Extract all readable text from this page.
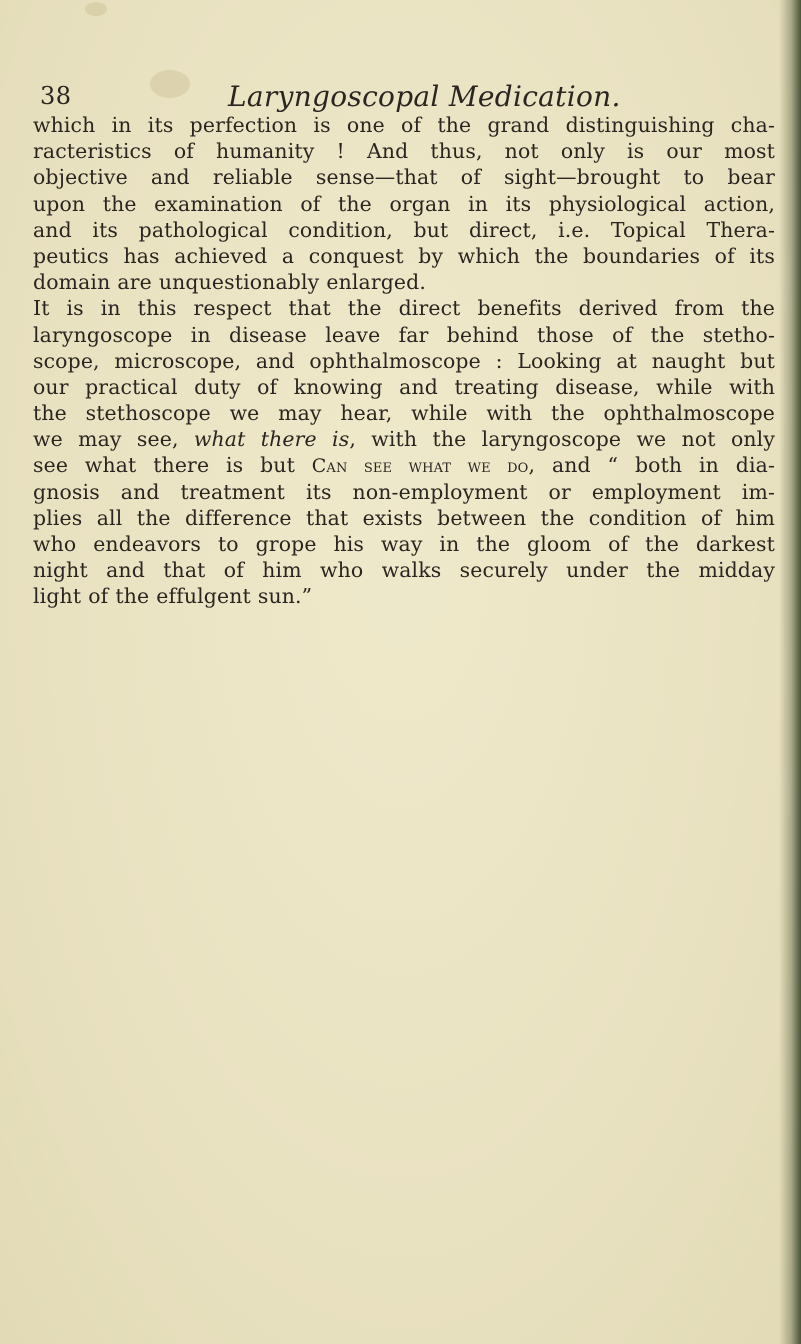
38	Laryngoscopal Medication.
which in its perfection is one of the grand distinguishing cha-
racteristics of humanity ! And thus, not only is our most
objective and reliable sense—that of sight—brought to bear
upon the examination of the organ in its physiological action,
and its pathological condition, but direct, i.e. Topical Thera-
peutics has achieved a conquest by which the boundaries of its
domain are unquestionably enlarged.
It is in this respect that the direct benefits derived from the
laryngoscope in disease leave far behind those of the stetho-
scope, microscope, and ophthalmoscope : Looking at naught but
our practical duty of knowing and treating disease, while with
the stethoscope we may hear, while with the ophthalmoscope
we may see, what there is, with the laryngoscope we not only
see what there is but Can see what we do, and “ both in dia-
gnosis and treatment its non-employment or employment im-
plies all the difference that exists between the condition of him
who endeavors to grope his way in the gloom of the darkest
night and that of him who walks securely under the midday
light of the effulgent sun.”
